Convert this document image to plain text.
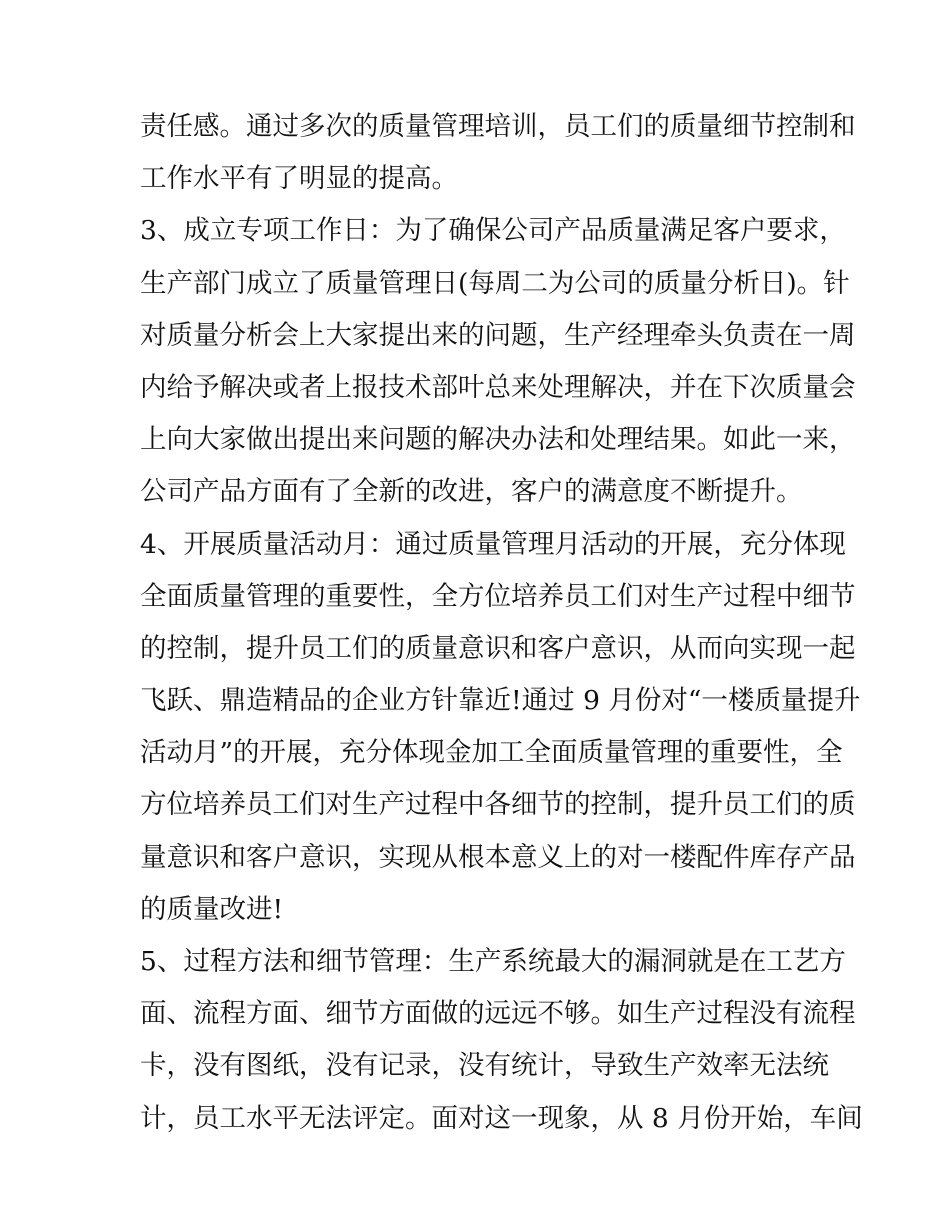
责任感。通过多次的质量管理培训，员工们的质量细节控制和
工作水平有了明显的提高。
3、成立专项工作日：为了确保公司产品质量满足客户要求，
生产部门成立了质量管理日(每周二为公司的质量分析日)。针
对质量分析会上大家提出来的问题，生产经理牵头负责在一周
内给予解决或者上报技术部叶总来处理解决，并在下次质量会
上向大家做出提出来问题的解决办法和处理结果。如此一来，
公司产品方面有了全新的改进，客户的满意度不断提升。
4、开展质量活动月：通过质量管理月活动的开展，充分体现
全面质量管理的重要性，全方位培养员工们对生产过程中细节
的控制，提升员工们的质量意识和客户意识，从而向实现一起
飞跃、鼎造精品的企业方针靠近!通过 9 月份对“一楼质量提升
活动月”的开展，充分体现金加工全面质量管理的重要性，全
方位培养员工们对生产过程中各细节的控制，提升员工们的质
量意识和客户意识，实现从根本意义上的对一楼配件库存产品
的质量改进!
5、过程方法和细节管理：生产系统最大的漏洞就是在工艺方
面、流程方面、细节方面做的远远不够。如生产过程没有流程
卡，没有图纸，没有记录，没有统计，导致生产效率无法统
计，员工水平无法评定。面对这一现象，从 8 月份开始，车间
